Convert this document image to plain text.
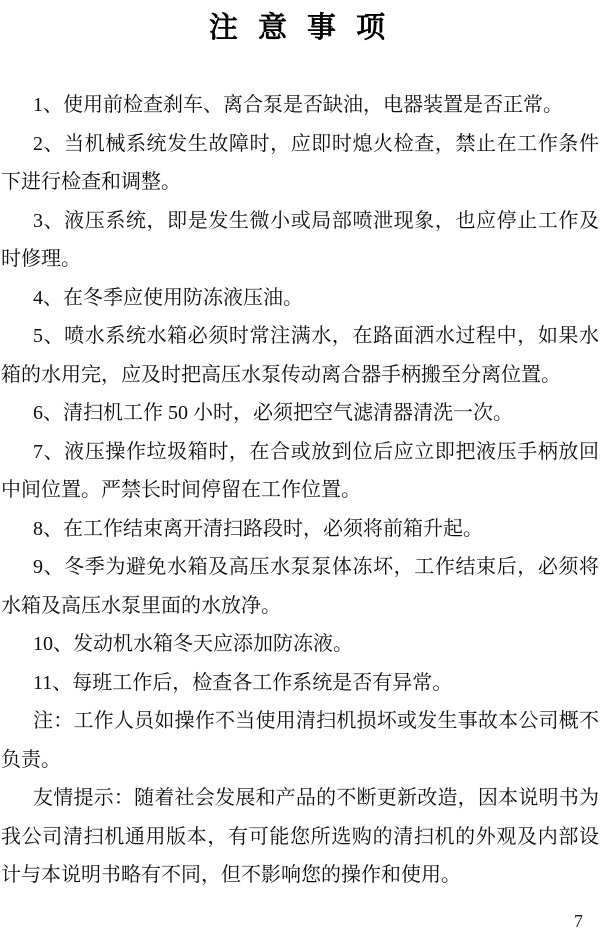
注 意 事 项

1、使用前检查刹车、离合泵是否缺油，电器装置是否正常。

2、当机械系统发生故障时，应即时熄火检查，禁止在工作条件下进行检查和调整。

3、液压系统，即是发生微小或局部喷泄现象，也应停止工作及时修理。

4、在冬季应使用防冻液压油。

5、喷水系统水箱必须时常注满水，在路面洒水过程中，如果水箱的水用完，应及时把高压水泵传动离合器手柄搬至分离位置。

6、清扫机工作 50 小时，必须把空气滤清器清洗一次。

7、液压操作垃圾箱时，在合或放到位后应立即把液压手柄放回中间位置。严禁长时间停留在工作位置。

8、在工作结束离开清扫路段时，必须将前箱升起。

9、冬季为避免水箱及高压水泵泵体冻坏，工作结束后，必须将水箱及高压水泵里面的水放净。

10、发动机水箱冬天应添加防冻液。

11、每班工作后，检查各工作系统是否有异常。

注：工作人员如操作不当使用清扫机损坏或发生事故本公司概不负责。

友情提示：随着社会发展和产品的不断更新改造，因本说明书为我公司清扫机通用版本，有可能您所选购的清扫机的外观及内部设计与本说明书略有不同，但不影响您的操作和使用。

7
